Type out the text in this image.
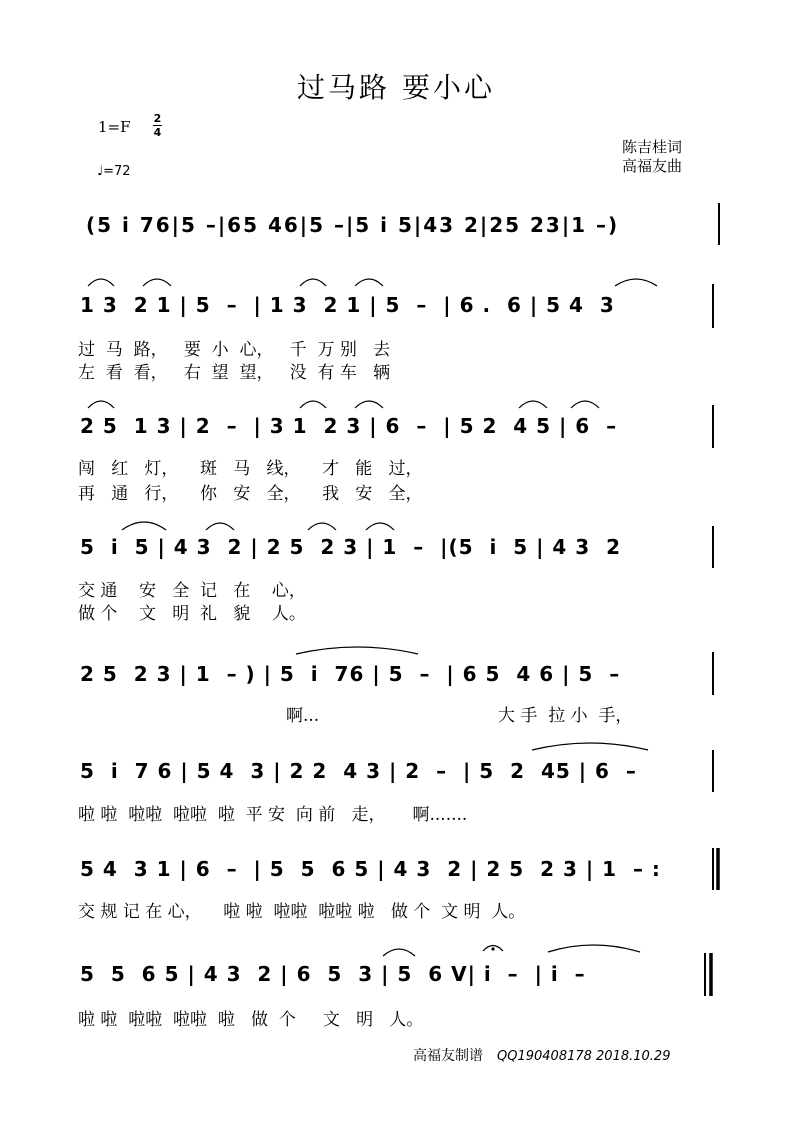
过马路 要小心
1=F 2
4
♩=72
陈吉桂词
高福友曲
(5 i 76|5 –|65 46|5 –|5 i 5|43 2|25 23|1 –)
1 3  2 1 | 5  –  | 1 3  2 1 | 5  –  | 6 .  6 | 5 4  3
过  马  路，   要  小  心，   千  万 别   去
左  看  看，   右  望  望，   没  有 车   辆
2 5  1 3 | 2  –  | 3 1  2 3 | 6  –  | 5 2  4 5 | 6  –
闯   红   灯，    斑   马   线，    才   能   过，
再   通   行，    你   安   全，    我   安   全，
5  i  5 | 4 3  2 | 2 5  2 3 | 1  –  |(5  i  5 | 4 3  2
交 通    安   全  记   在    心，
做 个    文   明  礼   貌    人。
2 5  2 3 | 1  – ) | 5  i  76 | 5  –  | 6 5  4 6 | 5  –
啊...	大 手  拉 小  手，
5  i  7 6 | 5 4  3 | 2 2  4 3 | 2  –  | 5  2  45 | 6  –
啦 啦  啦啦  啦啦  啦  平 安  向 前   走，     啊.......
5 4  3 1 | 6  –  | 5  5  6 5 | 4 3  2 | 2 5  2 3 | 1  – :
交 规 记 在 心，    啦 啦  啦啦  啦啦 啦   做 个  文 明  人。
5  5  6 5 | 4 3  2 | 6  5  3 | 5  6 V| i  –  | i  –
啦 啦  啦啦  啦啦  啦   做  个     文   明   人。
高福友制谱 QQ190408178 2018.10.29
